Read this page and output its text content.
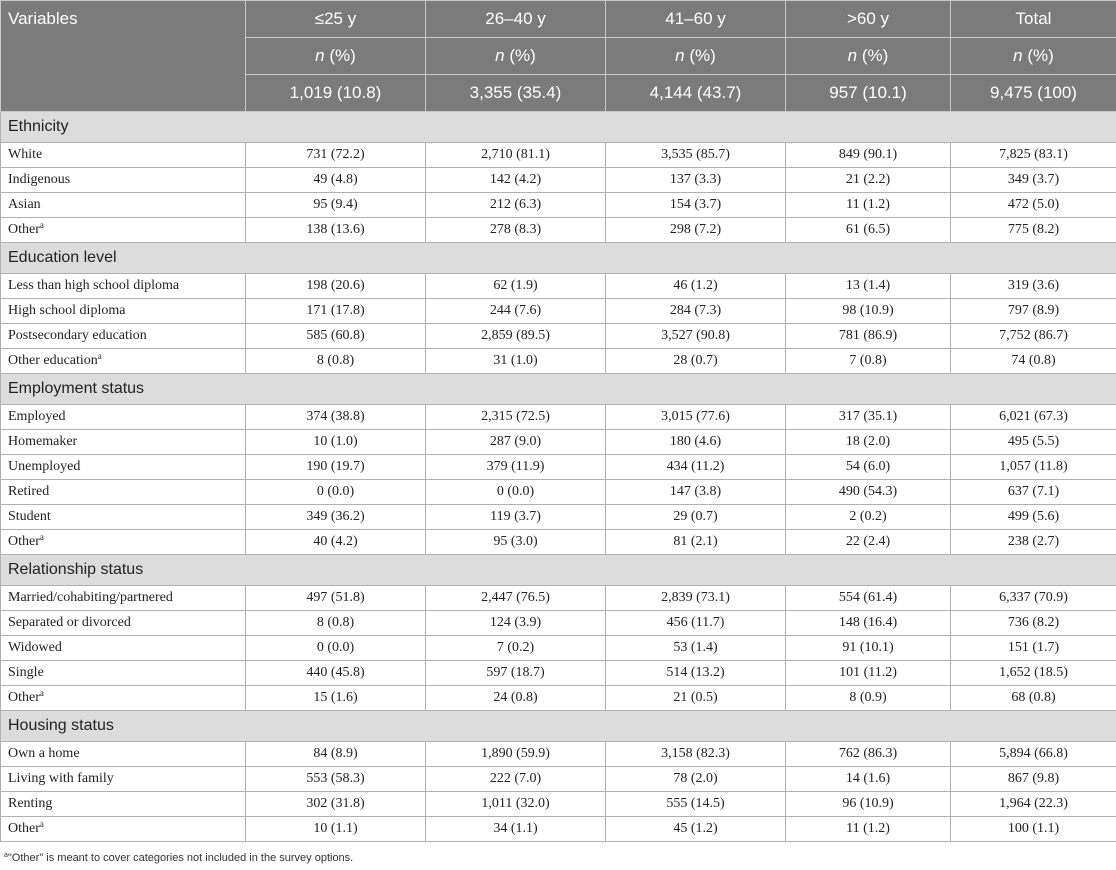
Variables	≤25 y	26–40 y	41–60 y	>60 y	Total
	n (%)	n (%)	n (%)	n (%)	n (%)
	1,019 (10.8)	3,355 (35.4)	4,144 (43.7)	957 (10.1)	9,475 (100)
Ethnicity					
White	731 (72.2)	2,710 (81.1)	3,535 (85.7)	849 (90.1)	7,825 (83.1)
Indigenous	49 (4.8)	142 (4.2)	137 (3.3)	21 (2.2)	349 (3.7)
Asian	95 (9.4)	212 (6.3)	154 (3.7)	11 (1.2)	472 (5.0)
Other$^a$	138 (13.6)	278 (8.3)	298 (7.2)	61 (6.5)	775 (8.2)
Education level					
Less than high school diploma	198 (20.6)	62 (1.9)	46 (1.2)	13 (1.4)	319 (3.6)
High school diploma	171 (17.8)	244 (7.6)	284 (7.3)	98 (10.9)	797 (8.9)
Postsecondary education	585 (60.8)	2,859 (89.5)	3,527 (90.8)	781 (86.9)	7,752 (86.7)
Other education$^a$	8 (0.8)	31 (1.0)	28 (0.7)	7 (0.8)	74 (0.8)
Employment status					
Employed	374 (38.8)	2,315 (72.5)	3,015 (77.6)	317 (35.1)	6,021 (67.3)
Homemaker	10 (1.0)	287 (9.0)	180 (4.6)	18 (2.0)	495 (5.5)
Unemployed	190 (19.7)	379 (11.9)	434 (11.2)	54 (6.0)	1,057 (11.8)
Retired	0 (0.0)	0 (0.0)	147 (3.8)	490 (54.3)	637 (7.1)
Student	349 (36.2)	119 (3.7)	29 (0.7)	2 (0.2)	499 (5.6)
Other$^a$	40 (4.2)	95 (3.0)	81 (2.1)	22 (2.4)	238 (2.7)
Relationship status					
Married/cohabiting/partnered	497 (51.8)	2,447 (76.5)	2,839 (73.1)	554 (61.4)	6,337 (70.9)
Separated or divorced	8 (0.8)	124 (3.9)	456 (11.7)	148 (16.4)	736 (8.2)
Widowed	0 (0.0)	7 (0.2)	53 (1.4)	91 (10.1)	151 (1.7)
Single	440 (45.8)	597 (18.7)	514 (13.2)	101 (11.2)	1,652 (18.5)
Other$^a$	15 (1.6)	24 (0.8)	21 (0.5)	8 (0.9)	68 (0.8)
Housing status					
Own a home	84 (8.9)	1,890 (59.9)	3,158 (82.3)	762 (86.3)	5,894 (66.8)
Living with family	553 (58.3)	222 (7.0)	78 (2.0)	14 (1.6)	867 (9.8)
Renting	302 (31.8)	1,011 (32.0)	555 (14.5)	96 (10.9)	1,964 (22.3)
Other$^a$	10 (1.1)	34 (1.1)	45 (1.2)	11 (1.2)	100 (1.1)
$^a$"Other" is meant to cover categories not included in the survey options.
